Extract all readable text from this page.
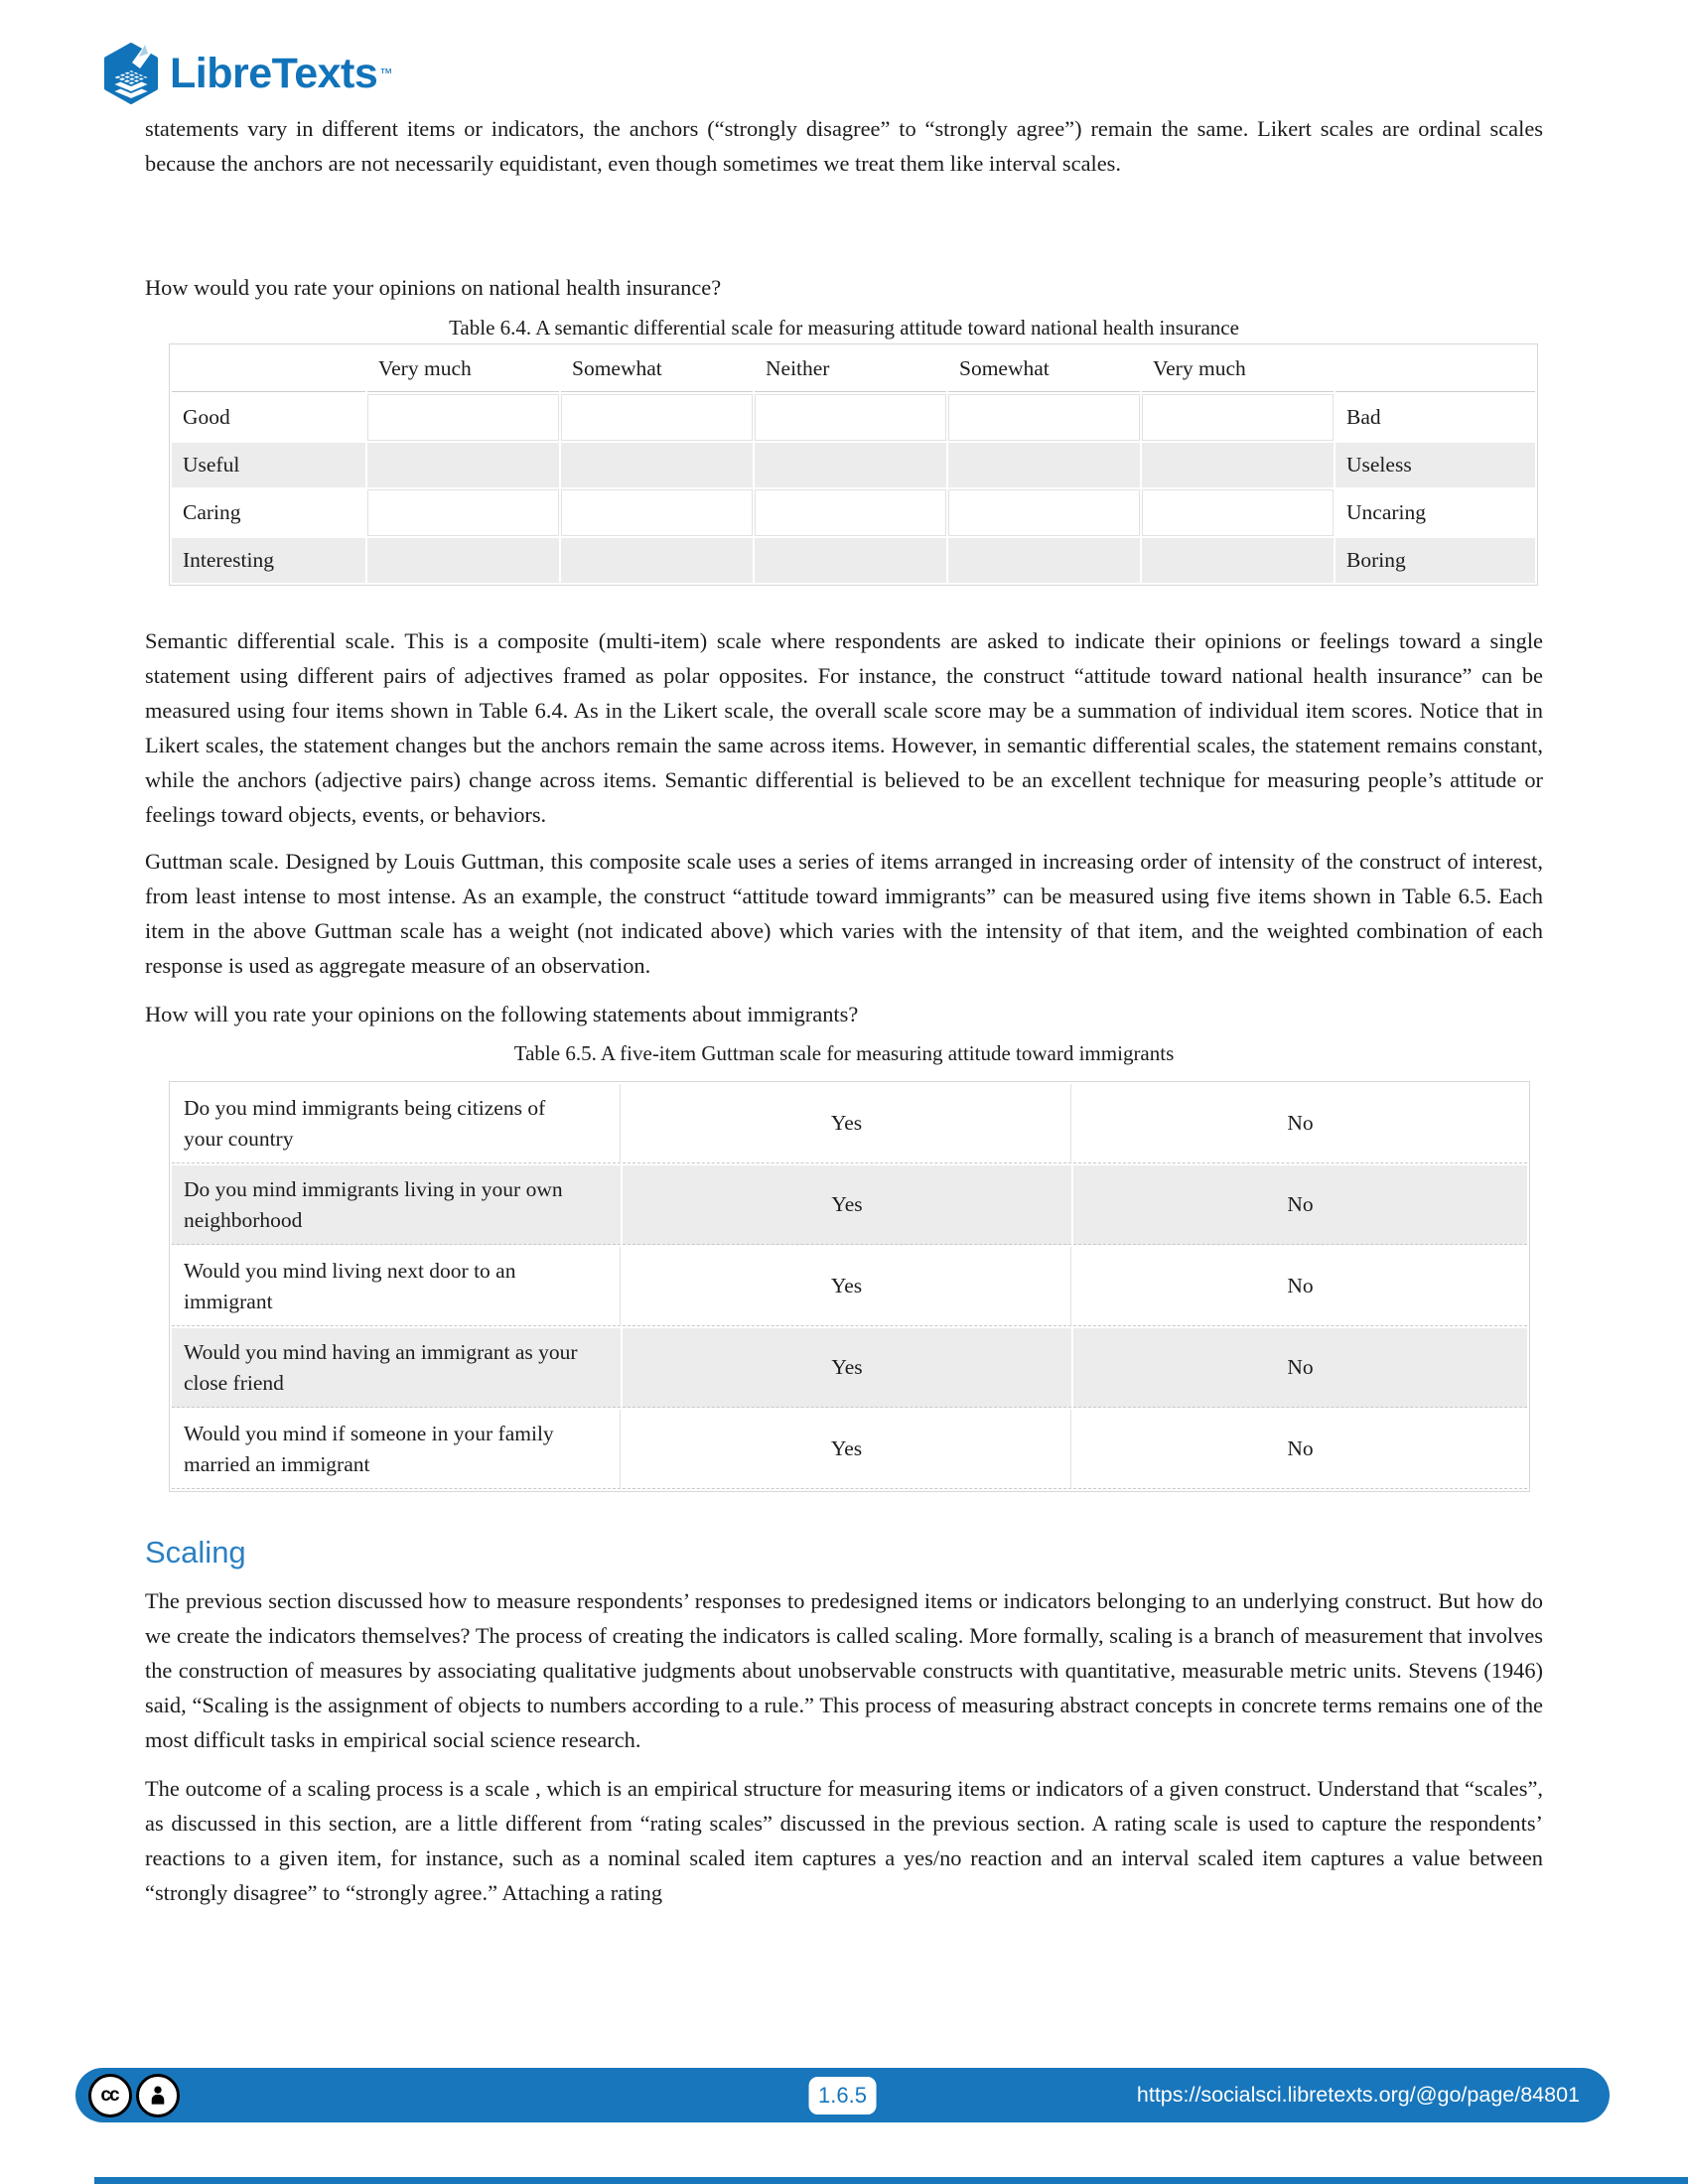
LibreTexts ™

statements vary in different items or indicators, the anchors (“strongly disagree” to “strongly agree”) remain the same. Likert scales are ordinal scales because the anchors are not necessarily equidistant, even though sometimes we treat them like interval scales.

How would you rate your opinions on national health insurance?

Table 6.4. A semantic differential scale for measuring attitude toward national health insurance

	Very much	Somewhat	Neither	Somewhat	Very much	
Good						Bad
Useful						Useless
Caring						Uncaring
Interesting						Boring

Semantic differential scale. This is a composite (multi-item) scale where respondents are asked to indicate their opinions or feelings toward a single statement using different pairs of adjectives framed as polar opposites. For instance, the construct “attitude toward national health insurance” can be measured using four items shown in Table 6.4. As in the Likert scale, the overall scale score may be a summation of individual item scores. Notice that in Likert scales, the statement changes but the anchors remain the same across items. However, in semantic differential scales, the statement remains constant, while the anchors (adjective pairs) change across items. Semantic differential is believed to be an excellent technique for measuring people’s attitude or feelings toward objects, events, or behaviors.

Guttman scale. Designed by Louis Guttman, this composite scale uses a series of items arranged in increasing order of intensity of the construct of interest, from least intense to most intense. As an example, the construct “attitude toward immigrants” can be measured using five items shown in Table 6.5. Each item in the above Guttman scale has a weight (not indicated above) which varies with the intensity of that item, and the weighted combination of each response is used as aggregate measure of an observation.

How will you rate your opinions on the following statements about immigrants?

Table 6.5. A five-item Guttman scale for measuring attitude toward immigrants

Do you mind immigrants being citizens of your country	Yes	No
Do you mind immigrants living in your own neighborhood	Yes	No
Would you mind living next door to an immigrant	Yes	No
Would you mind having an immigrant as your close friend	Yes	No
Would you mind if someone in your family married an immigrant	Yes	No
Scaling

The previous section discussed how to measure respondents’ responses to predesigned items or indicators belonging to an underlying construct. But how do we create the indicators themselves? The process of creating the indicators is called scaling. More formally, scaling is a branch of measurement that involves the construction of measures by associating qualitative judgments about unobservable constructs with quantitative, measurable metric units. Stevens (1946) said, “Scaling is the assignment of objects to numbers according to a rule.” This process of measuring abstract concepts in concrete terms remains one of the most difficult tasks in empirical social science research.

The outcome of a scaling process is a scale , which is an empirical structure for measuring items or indicators of a given construct. Understand that “scales”, as discussed in this section, are a little different from “rating scales” discussed in the previous section. A rating scale is used to capture the respondents’ reactions to a given item, for instance, such as a nominal scaled item captures a yes/no reaction and an interval scaled item captures a value between “strongly disagree” to “strongly agree.” Attaching a rating

cc	1.6.5	https://socialsci.libretexts.org/@go/page/84801
